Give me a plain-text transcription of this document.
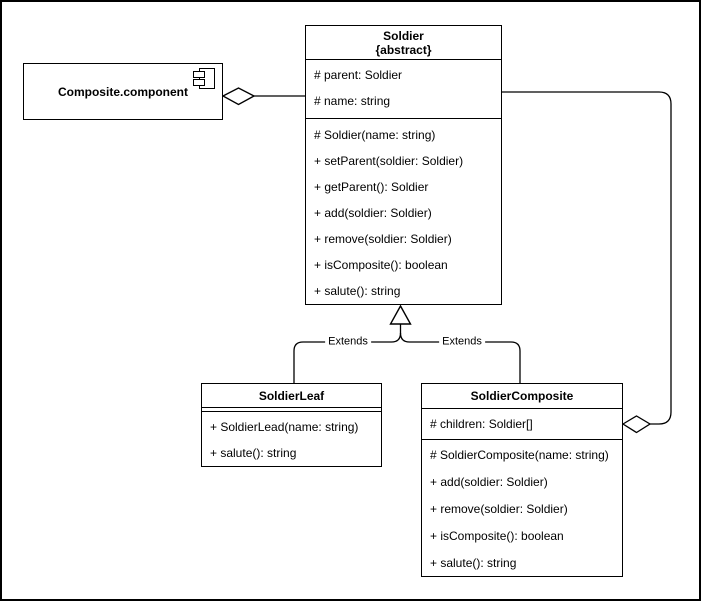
Composite.component
Soldier
{abstract}
# parent: Soldier
# name: string
# Soldier(name: string)
+ setParent(soldier: Soldier)
+ getParent(): Soldier
+ add(soldier: Soldier)
+ remove(soldier: Soldier)
+ isComposite(): boolean
+ salute(): string
Extends	Extends
SoldierLeaf
+ SoldierLead(name: string)
+ salute(): string
SoldierComposite
# children: Soldier[]
# SoldierComposite(name: string)
+ add(soldier: Soldier)
+ remove(soldier: Soldier)
+ isComposite(): boolean
+ salute(): string
